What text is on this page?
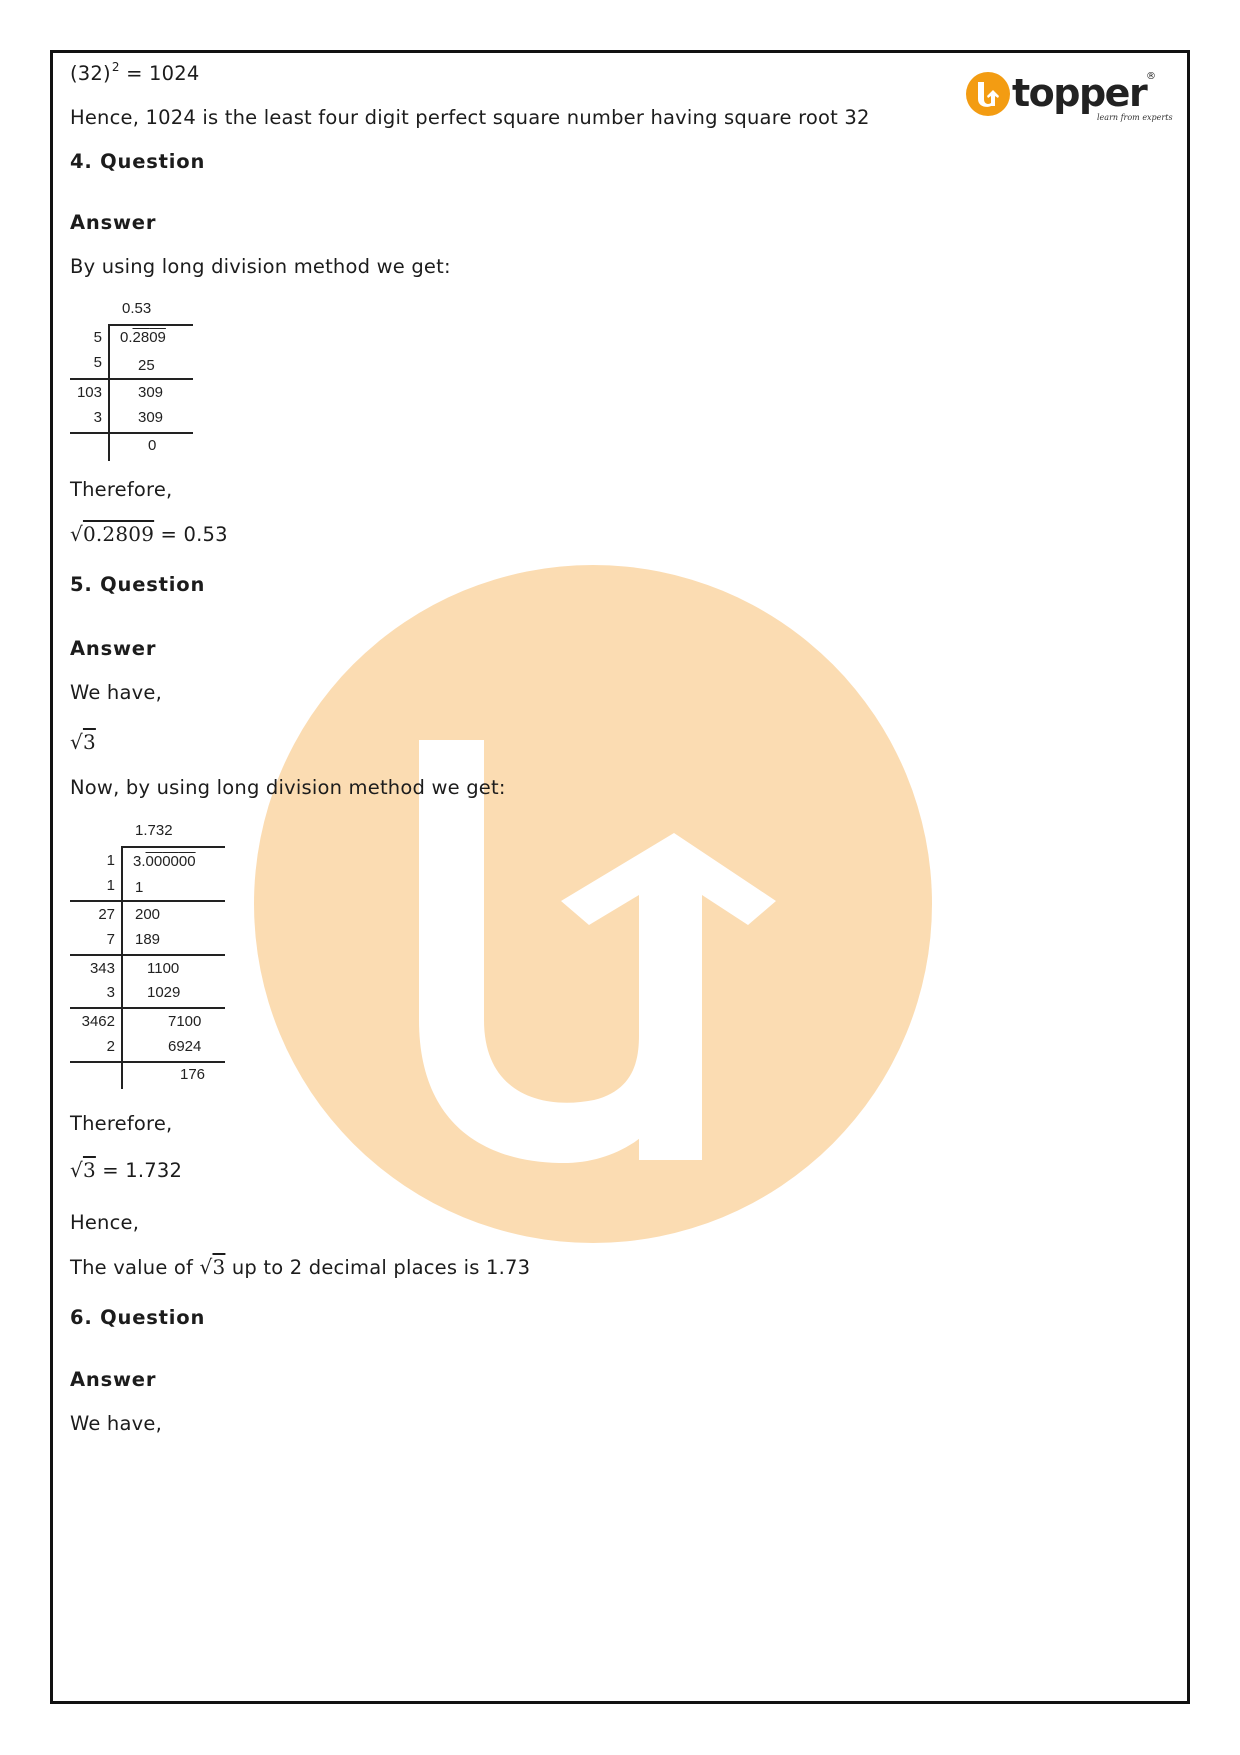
topper
learn from experts
®
$(32)^2 = 1024$
Hence, 1024 is the least four digit perfect square number having square root 32
4. Question
Answer
By using long division method we get:
0.53
5 0.2809
5 25
103 309
3 309
0
Therefore,
√0.2809 = 0.53
5. Question
Answer
We have,
√3
Now, by using long division method we get:
1.732
1 3.000000
1 1
27 200
7 189
343 1100
3 1029
3462	7100
2	6924
176
Therefore,
√3 = 1.732
Hence,
The value of √3 up to 2 decimal places is 1.73
6. Question
Answer
We have,
